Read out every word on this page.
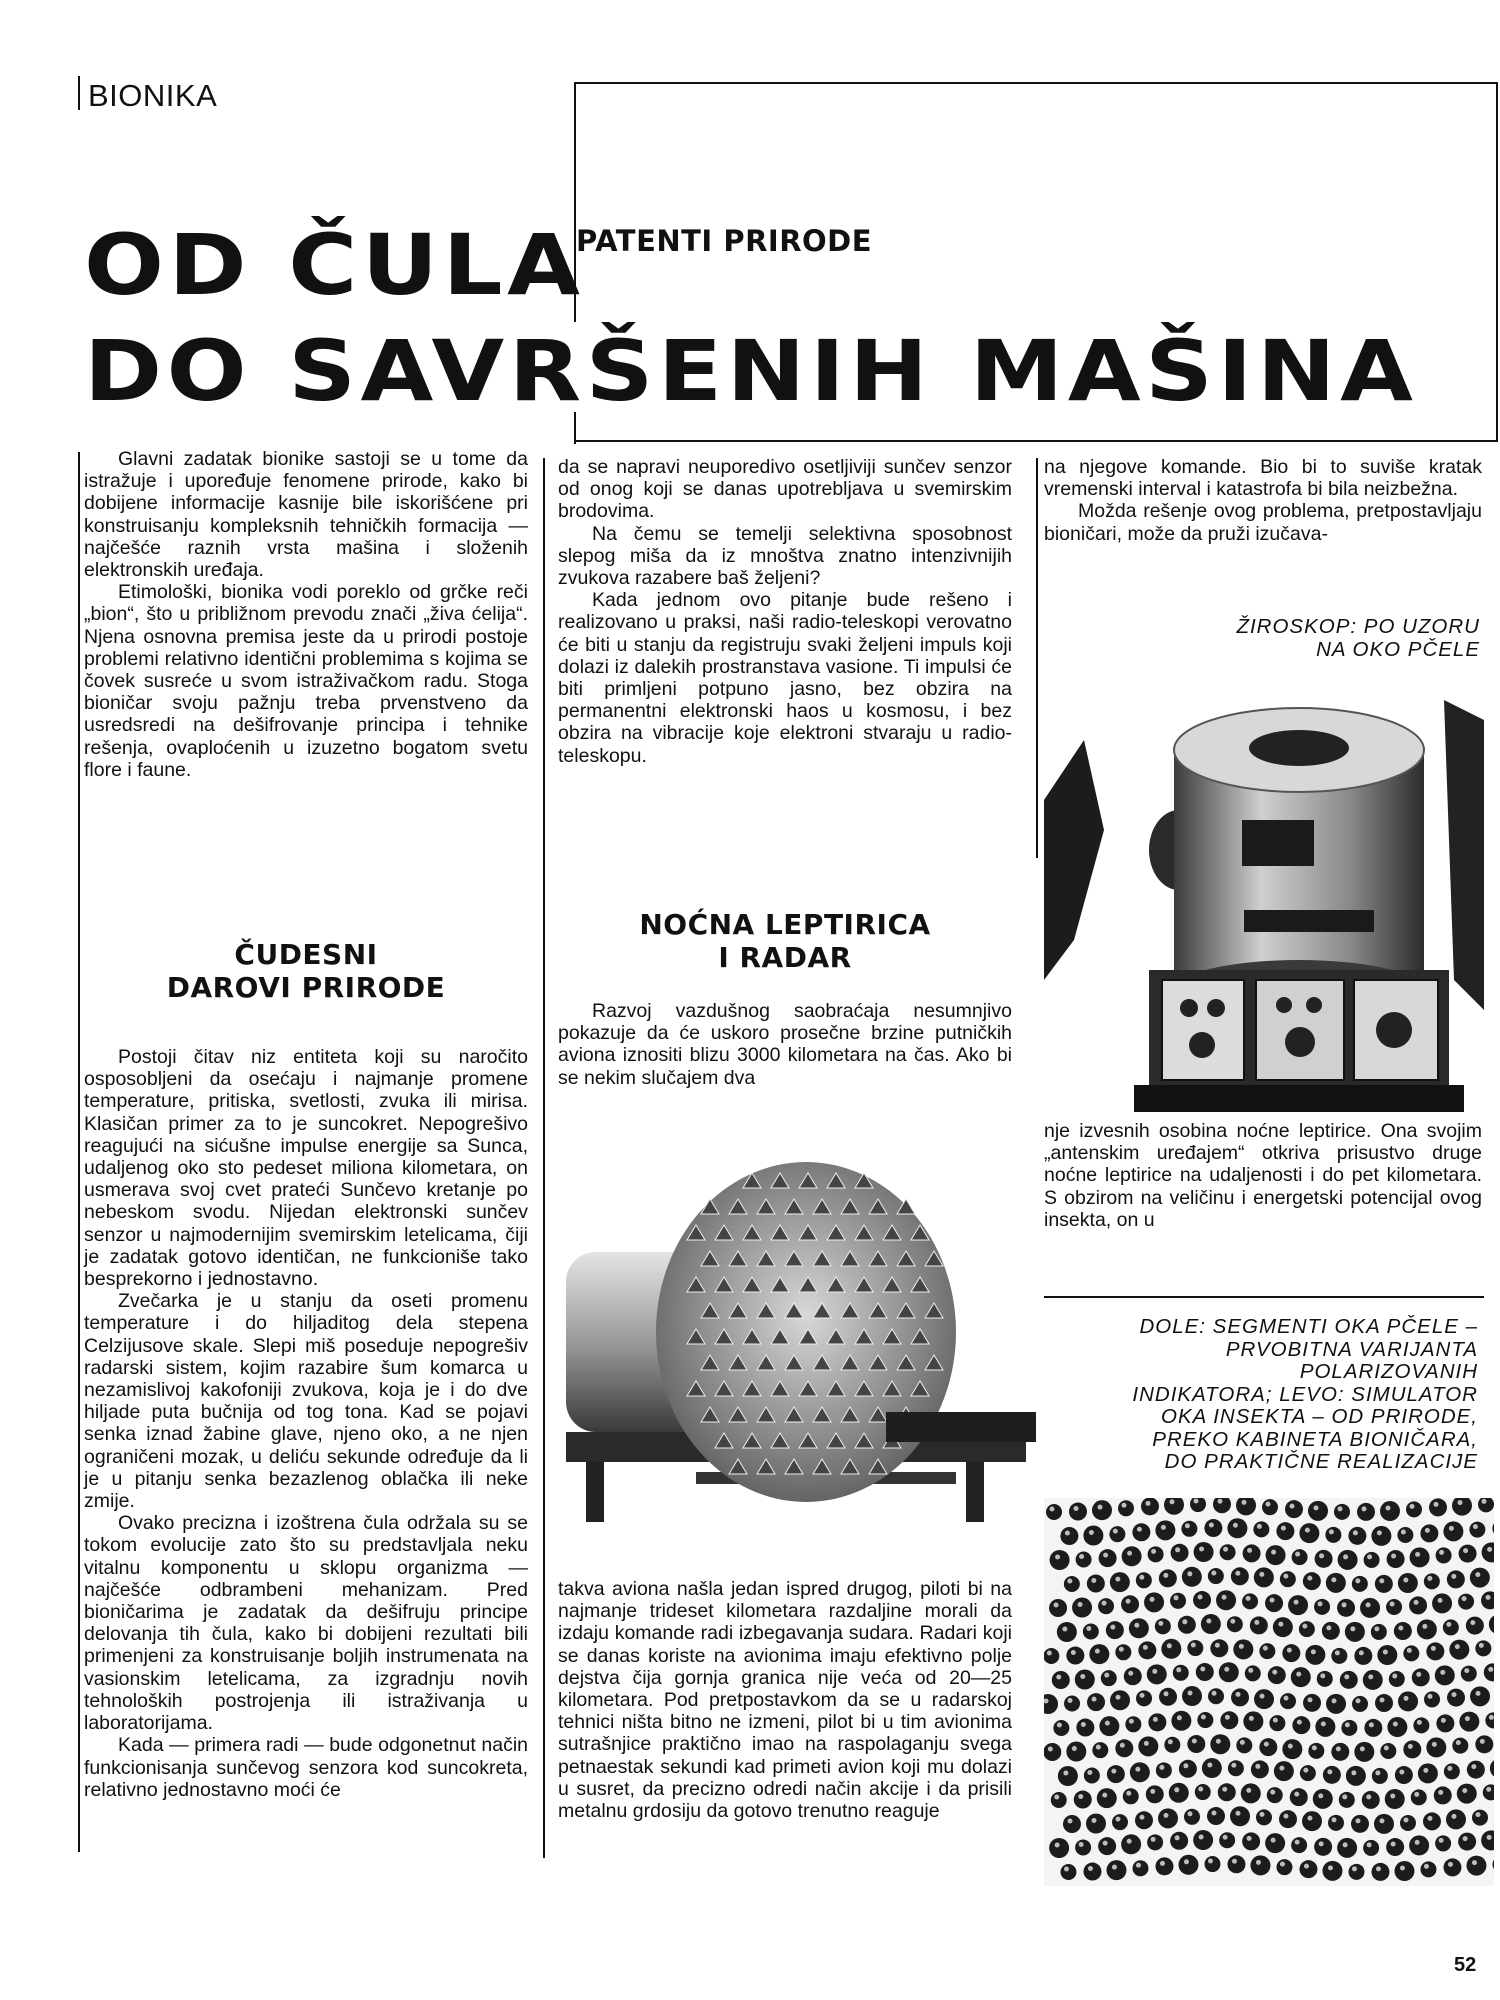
BIONIKA
PATENTI PRIRODE
OD ČULA
DO SAVRŠENIH MAŠINA

Glavni zadatak bionike sastoji se u tome da istražuje i upoređuje fenomene prirode, kako bi dobijene informacije kasnije bile iskorišćene pri konstruisanju kompleksnih tehničkih formacija — najčešće raznih vrsta mašina i složenih elektronskih uređaja.

Etimološki, bionika vodi poreklo od grčke reči „bion“, što u približnom prevodu znači „živa ćelija“. Njena osnovna premisa jeste da u prirodi postoje problemi relativno identični problemima s kojima se čovek susreće u svom istraživačkom radu. Stoga bioničar svoju pažnju treba prvenstveno da usredsredi na dešifrovanje principa i tehnike rešenja, ovaploćenih u izuzetno bogatom svetu flore i faune.

ČUDESNI
DAROVI PRIRODE

Postoji čitav niz entiteta koji su naročito osposobljeni da osećaju i najmanje promene temperature, pritiska, svetlosti, zvuka ili mirisa. Klasičan primer za to je suncokret. Nepogrešivo reagujući na sićušne impulse energije sa Sunca, udaljenog oko sto pedeset miliona kilometara, on usmerava svoj cvet prateći Sunčevo kretanje po nebeskom svodu. Nijedan elektronski sunčev senzor u najmodernijim svemirskim letelicama, čiji je zadatak gotovo identičan, ne funkcioniše tako besprekorno i jednostavno.

Zvečarka je u stanju da oseti promenu temperature i do hiljaditog dela stepena Celzijusove skale. Slepi miš poseduje nepogrešiv radarski sistem, kojim razabire šum komarca u nezamislivoj kakofoniji zvukova, koja je i do dve hiljade puta bučnija od tog tona. Kad se pojavi senka iznad žabine glave, njeno oko, a ne njen ograničeni mozak, u deliću sekunde određuje da li je u pitanju senka bezazlenog oblačka ili neke zmije.

Ovako precizna i izoštrena čula održala su se tokom evolucije zato što su predstavljala neku vitalnu komponentu u sklopu organizma — najčešće odbrambeni mehanizam. Pred bioničarima je zadatak da dešifruju principe delovanja tih čula, kako bi dobijeni rezultati bili primenjeni za konstruisanje boljih instrumenata na vasionskim letelicama, za izgradnju novih tehnoloških postrojenja ili istraživanja u laboratorijama.

Kada — primera radi — bude odgonetnut način funkcionisanja sunčevog senzora kod suncokreta, relativno jednostavno moći će

da se napravi neuporedivo osetljiviji sunčev senzor od onog koji se danas upotrebljava u svemirskim brodovima.

Na čemu se temelji selektivna sposobnost slepog miša da iz mnoštva znatno intenzivnijih zvukova razabere baš željeni?

Kada jednom ovo pitanje bude rešeno i realizovano u praksi, naši radio-teleskopi verovatno će biti u stanju da registruju svaki željeni impuls koji dolazi iz dalekih prostranstava vasione. Ti impulsi će biti primljeni potpuno jasno, bez obzira na permanentni elektronski haos u kosmosu, i bez obzira na vibracije koje elektroni stvaraju u radio-teleskopu.

NOĆNA LEPTIRICA
I RADAR

Razvoj vazdušnog saobraćaja nesumnjivo pokazuje da će uskoro prosečne brzine putničkih aviona iznositi blizu 3000 kilometara na čas. Ako bi se nekim slučajem dva

takva aviona našla jedan ispred drugog, piloti bi na najmanje trideset kilometara razdaljine morali da izdaju komande radi izbegavanja sudara. Radari koji se danas koriste na avionima imaju efektivno polje dejstva čija gornja granica nije veća od 20—25 kilometara. Pod pretpostavkom da se u radarskoj tehnici ništa bitno ne izmeni, pilot bi u tim avionima sutrašnjice praktično imao na raspolaganju svega petnaestak sekundi kad primeti avion koji mu dolazi u susret, da precizno odredi način akcije i da prisili metalnu grdosiju da gotovo trenutno reaguje

na njegove komande. Bio bi to suviše kratak vremenski interval i katastrofa bi bila neizbežna.

Možda rešenje ovog problema, pretpostavljaju bioničari, može da pruži izučava-

ŽIROSKOP: PO UZORU
NA OKO PČELE

nje izvesnih osobina noćne leptirice. Ona svojim „antenskim uređajem“ otkriva prisustvo druge noćne leptirice na udaljenosti i do pet kilometara. S obzirom na veličinu i energetski potencijal ovog insekta, on u

DOLE: SEGMENTI OKA PČELE –
PRVOBITNA VARIJANTA
POLARIZOVANIH
INDIKATORA; LEVO: SIMULATOR
OKA INSEKTA – OD PRIRODE,
PREKO KABINETA BIONIČARA,
DO PRAKTIČNE REALIZACIJE
52
